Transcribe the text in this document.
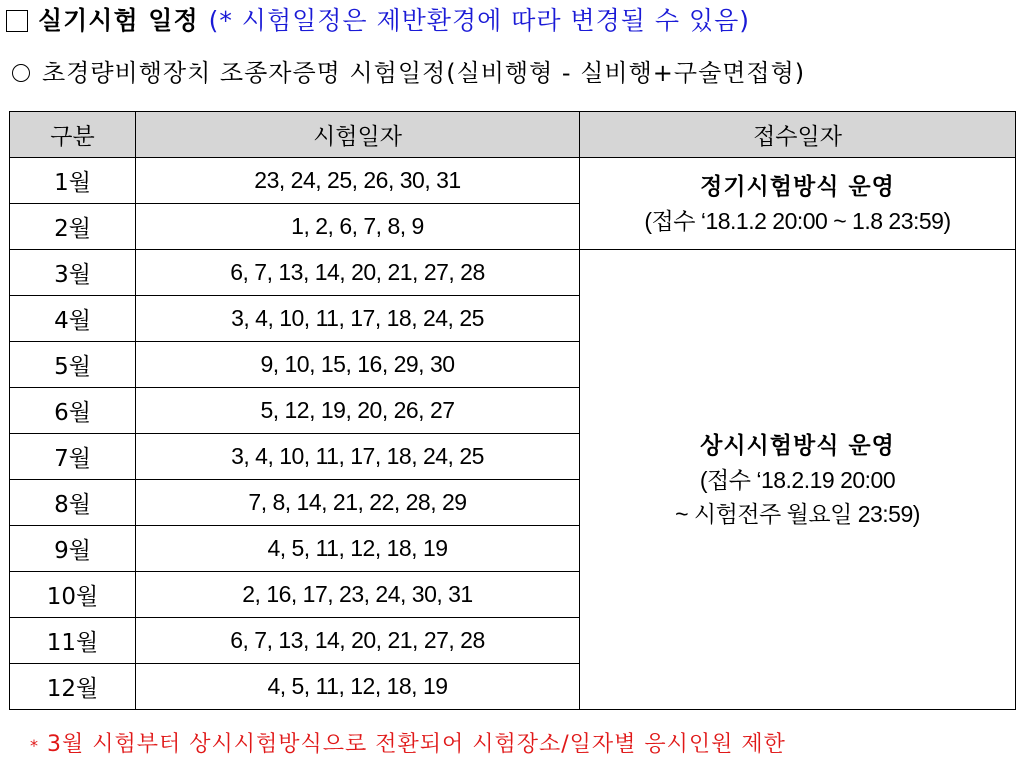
실기시험 일정 (* 시험일정은 제반환경에 따라 변경될 수 있음)
초경량비행장치 조종자증명 시험일정(실비행형 - 실비행+구술면접형)
구분	시험일자	접수일자
1월	23, 24, 25, 26, 30, 31	정기시험방식 운영
(접수 ‘18.1.2 20:00 ~ 1.8 23:59)

2월	1, 2, 6, 7, 8, 9	
3월	6, 7, 13, 14, 20, 21, 27, 28	상시시험방식 운영
(접수 ‘18.2.19 20:00
~ 시험전주 월요일 23:59)

4월	3, 4, 10, 11, 17, 18, 24, 25	
5월	9, 10, 15, 16, 29, 30	
6월	5, 12, 19, 20, 26, 27	
7월	3, 4, 10, 11, 17, 18, 24, 25	
8월	7, 8, 14, 21, 22, 28, 29	
9월	4, 5, 11, 12, 18, 19	
10월	2, 16, 17, 23, 24, 30, 31	
11월	6, 7, 13, 14, 20, 21, 27, 28	
12월	4, 5, 11, 12, 18, 19	
* 3월 시험부터 상시시험방식으로 전환되어 시험장소/일자별 응시인원 제한
